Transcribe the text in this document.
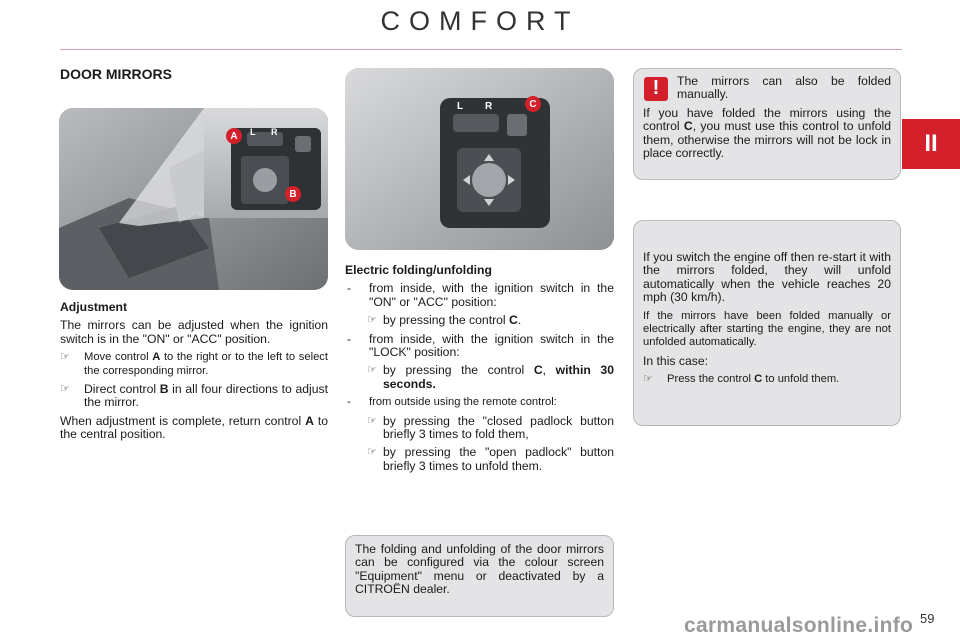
COMFORT
II
DOOR MIRRORS
A
B
L R
C
L R

Adjustment

The mirrors can be adjusted when the ignition switch is in the "ON" or "ACC" position.

☞ Move control A to the right or to the left to select the corresponding mirror.

☞ Direct control B in all four directions to adjust the mirror.

When adjustment is complete, return control A to the central position.

Electric folding/unfolding

- from inside, with the ignition switch in the "ON" or "ACC" position:

☞ by pressing the control C.

- from inside, with the ignition switch in the "LOCK" position:

☞ by pressing the control C, within 30 seconds.

- from outside using the remote control:

☞ by pressing the "closed padlock button briefly 3 times to fold them,

☞ by pressing the "open padlock" button briefly 3 times to unfold them.

The folding and unfolding of the door mirrors can be configured via the colour screen "Equipment" menu or deactivated by a CITROËN dealer.

!	The mirrors can also be folded manually.

If you have folded the mirrors using the control C, you must use this control to unfold them, otherwise the mirrors will not be lock in place correctly.

If you switch the engine off then re-start it with the mirrors folded, they will unfold automatically when the vehicle reaches 20 mph (30 km/h).

If the mirrors have been folded manually or electrically after starting the engine, they are not unfolded automatically.

In this case:

☞ Press the control C to unfold them.

carmanualsonline.info 59
